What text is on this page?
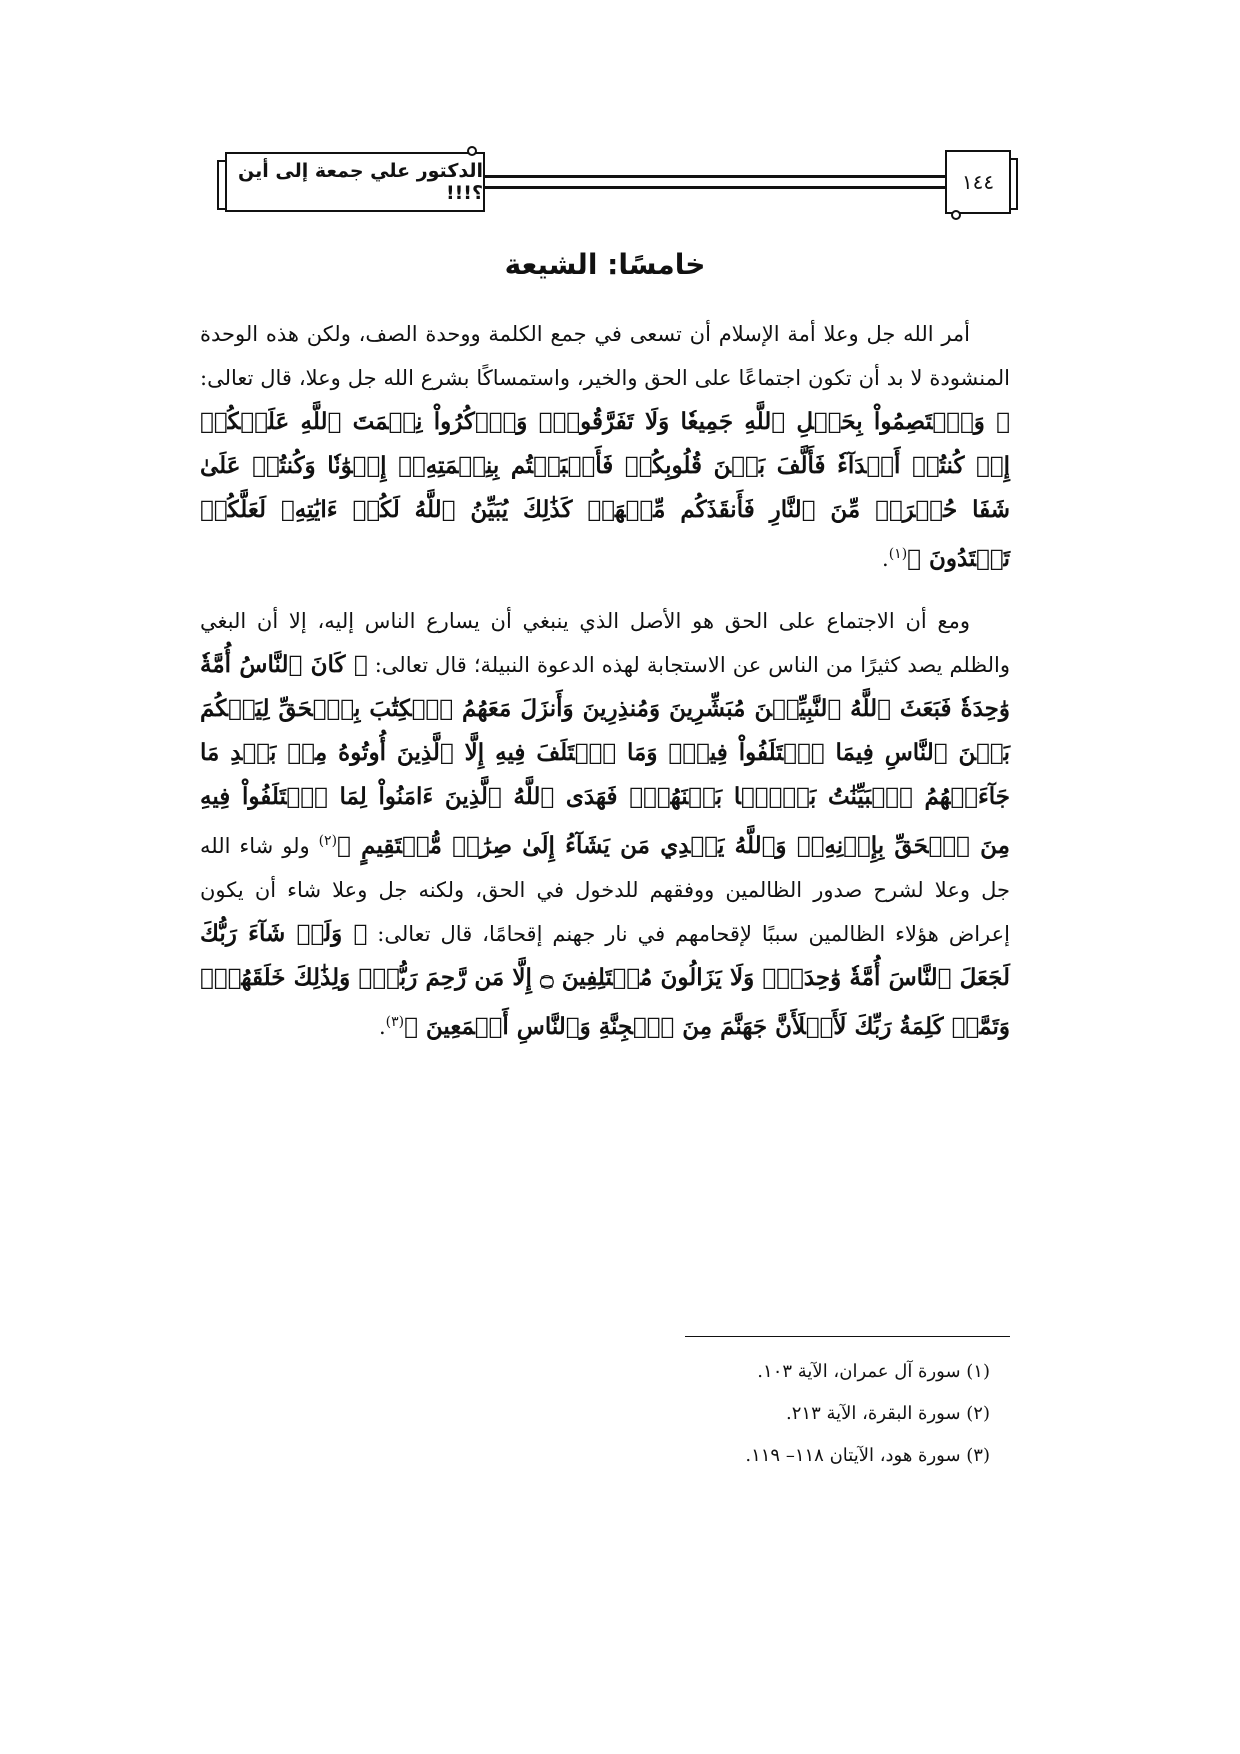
الدكتور علي جمعة إلى أين ؟!!!	١٤٤
خامسًا: الشيعة

أمر الله جل وعلا أمة الإسلام أن تسعى في جمع الكلمة ووحدة الصف، ولكن هذه الوحدة المنشودة لا بد أن تكون اجتماعًا على الحق والخير، واستمساكًا بشرع الله جل وعلا، قال تعالى: ﴿ وَٱعۡتَصِمُواْ بِحَبۡلِ ٱللَّهِ جَمِيعٗا وَلَا تَفَرَّقُواْۚ وَٱذۡكُرُواْ نِعۡمَتَ ٱللَّهِ عَلَيۡكُمۡ إِذۡ كُنتُمۡ أَعۡدَآءٗ فَأَلَّفَ بَيۡنَ قُلُوبِكُمۡ فَأَصۡبَحۡتُم بِنِعۡمَتِهِۦٓ إِخۡوَٰنٗا وَكُنتُمۡ عَلَىٰ شَفَا حُفۡرَةٖ مِّنَ ٱلنَّارِ فَأَنقَذَكُم مِّنۡهَاۗ كَذَٰلِكَ يُبَيِّنُ ٱللَّهُ لَكُمۡ ءَايَٰتِهِۦ لَعَلَّكُمۡ تَهۡتَدُونَ ﴾$^{(١)}$.

ومع أن الاجتماع على الحق هو الأصل الذي ينبغي أن يسارع الناس إليه، إلا أن البغي والظلم يصد كثيرًا من الناس عن الاستجابة لهذه الدعوة النبيلة؛ قال تعالى: ﴿ كَانَ ٱلنَّاسُ أُمَّةٗ وَٰحِدَةٗ فَبَعَثَ ٱللَّهُ ٱلنَّبِيِّـۧنَ مُبَشِّرِينَ وَمُنذِرِينَ وَأَنزَلَ مَعَهُمُ ٱلۡكِتَٰبَ بِٱلۡحَقِّ لِيَحۡكُمَ بَيۡنَ ٱلنَّاسِ فِيمَا ٱخۡتَلَفُواْ فِيهِۚ وَمَا ٱخۡتَلَفَ فِيهِ إِلَّا ٱلَّذِينَ أُوتُوهُ مِنۢ بَعۡدِ مَا جَآءَتۡهُمُ ٱلۡبَيِّنَٰتُ بَغۡيَۢا بَيۡنَهُمۡۖ فَهَدَى ٱللَّهُ ٱلَّذِينَ ءَامَنُواْ لِمَا ٱخۡتَلَفُواْ فِيهِ مِنَ ٱلۡحَقِّ بِإِذۡنِهِۦۗ وَٱللَّهُ يَهۡدِي مَن يَشَآءُ إِلَىٰ صِرَٰطٖ مُّسۡتَقِيمٍ ﴾$^{(٢)}$ ولو شاء الله جل وعلا لشرح صدور الظالمين ووفقهم للدخول في الحق، ولكنه جل وعلا شاء أن يكون إعراض هؤلاء الظالمين سببًا لإقحامهم في نار جهنم إقحامًا، قال تعالى: ﴿ وَلَوۡ شَآءَ رَبُّكَ لَجَعَلَ ٱلنَّاسَ أُمَّةٗ وَٰحِدَةٗۖ وَلَا يَزَالُونَ مُخۡتَلِفِينَ ۝ إِلَّا مَن رَّحِمَ رَبُّكَۚ وَلِذَٰلِكَ خَلَقَهُمۡۗ وَتَمَّتۡ كَلِمَةُ رَبِّكَ لَأَمۡلَأَنَّ جَهَنَّمَ مِنَ ٱلۡجِنَّةِ وَٱلنَّاسِ أَجۡمَعِينَ ﴾$^{(٣)}$.

(١) سورة آل عمران، الآية ١٠٣.
(٢) سورة البقرة، الآية ٢١٣.
(٣) سورة هود، الآيتان ١١٨– ١١٩.
